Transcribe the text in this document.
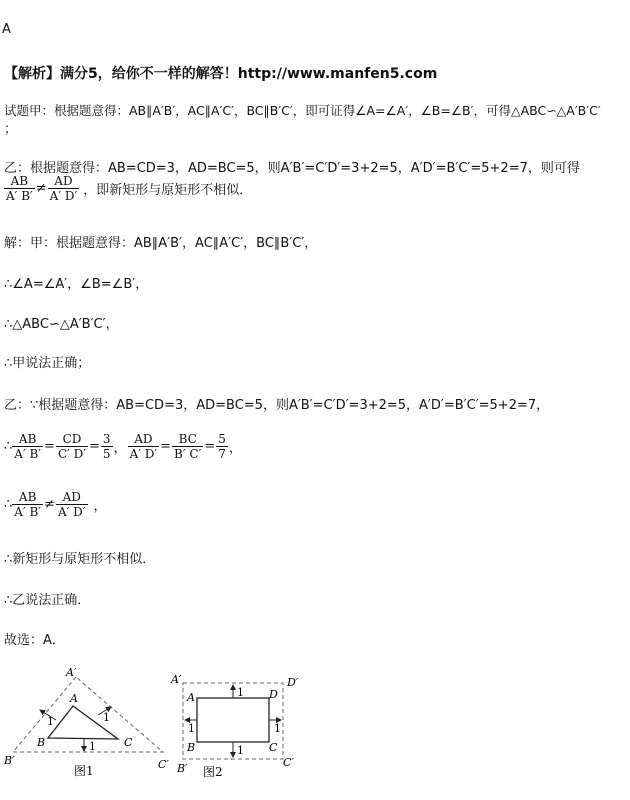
A
【解析】满分5，给你不一样的解答！http://www.manfen5.com
试题甲：根据题意得：AB∥A′B′，AC∥A′C′，BC∥B′C′，即可证得∠A=∠A′，∠B=∠B′，可得△ABC∽△A′B′C′
；
乙：根据题意得：AB=CD=3，AD=BC=5，则A′B′=C′D′=3+2=5，A′D′=B′C′=5+2=7，则可得
$\frac{AB}{A' B'} \ne \frac{AD}{A' D'}$ ，即新矩形与原矩形不相似．
解：甲：根据题意得：AB∥A′B′，AC∥A′C′，BC∥B′C′，
∴∠A=∠A′，∠B=∠B′，
∴△ABC∽△A′B′C′，
∴甲说法正确；
乙：∵根据题意得：AB=CD=3，AD=BC=5，则A′B′=C′D′=3+2=5，A′D′=B′C′=5+2=7，
∴ $\frac{AB}{A' B'} = \frac{CD}{C' D'} = \frac{3}{5}$ ， $\frac{AD}{A' D'} = \frac{BC}{B' C'} = \frac{5}{7}$ ，
∴ $\frac{AB}{A' B'} \ne \frac{AD}{A' D'}$ ，
∴新矩形与原矩形不相似．
∴乙说法正确．
故选：A．
A′
A
B	C
B′	C′
1	1
1
图1
A′	D′
A	D
B	C
B′	C′
1
1
1	1
图2
